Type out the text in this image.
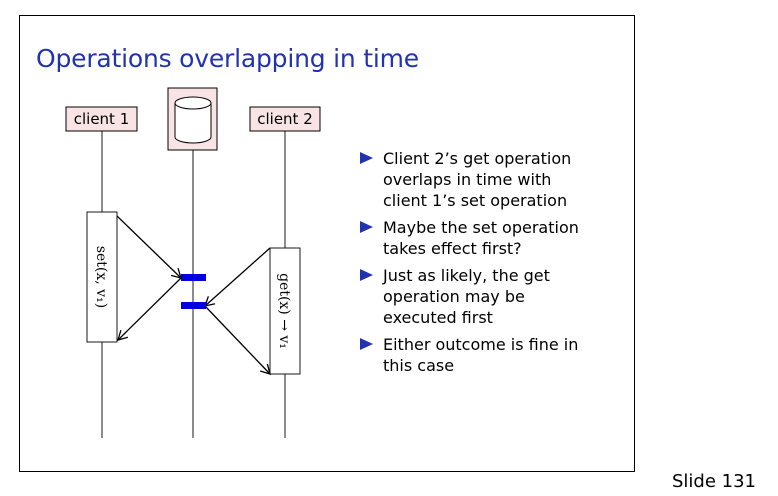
Operations overlapping in time
client 1	client 2
set(x, v₁)	get(x) → v₁
Client 2’s get operation overlaps in time with client 1’s set operation
Maybe the set operation takes effect first?
Just as likely, the get operation may be executed first
Either outcome is fine in this case
Slide 131
